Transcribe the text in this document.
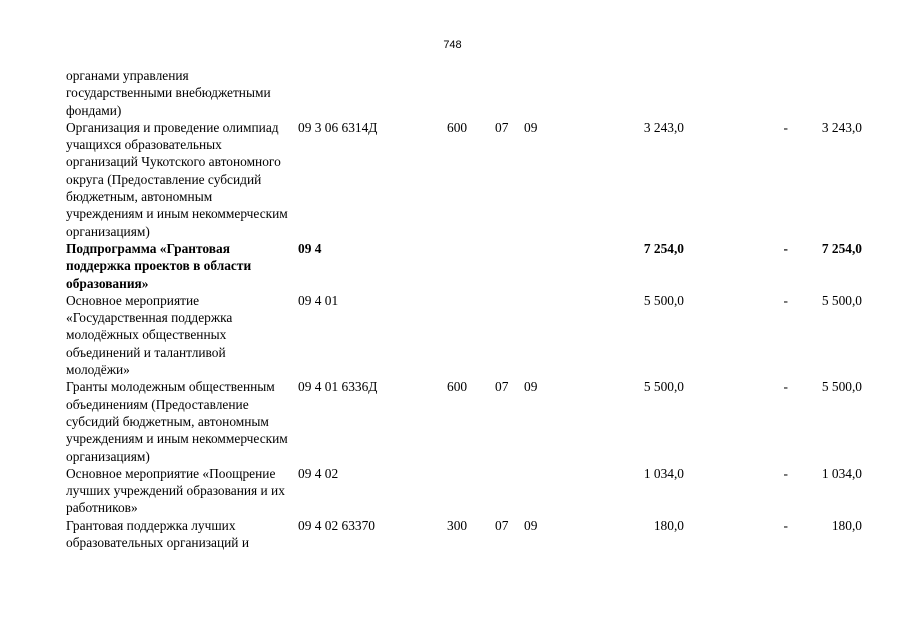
748
органами управления государственными внебюджетными фондами)							
Организация и проведение олимпиад учащихся образовательных организаций Чукотского автономного округа (Предоставление субсидий бюджетным, автономным учреждениям и иным некоммерческим организациям)	09 3 06 6314Д	600	07	09	3 243,0	-	3 243,0
Подпрограмма «Грантовая поддержка проектов в области образования»	09 4				7 254,0	-	7 254,0
Основное мероприятие «Государственная поддержка молодёжных общественных объединений и талантливой молодёжи»	09 4 01				5 500,0	-	5 500,0
Гранты молодежным общественным объединениям (Предоставление субсидий бюджетным, автономным учреждениям и иным некоммерческим организациям)	09 4 01 6336Д	600	07	09	5 500,0	-	5 500,0
Основное мероприятие «Поощрение лучших учреждений образования и их работников»	09 4 02				1 034,0	-	1 034,0
Грантовая поддержка лучших образовательных организаций и	09 4 02 63370	300	07	09	180,0	-	180,0
